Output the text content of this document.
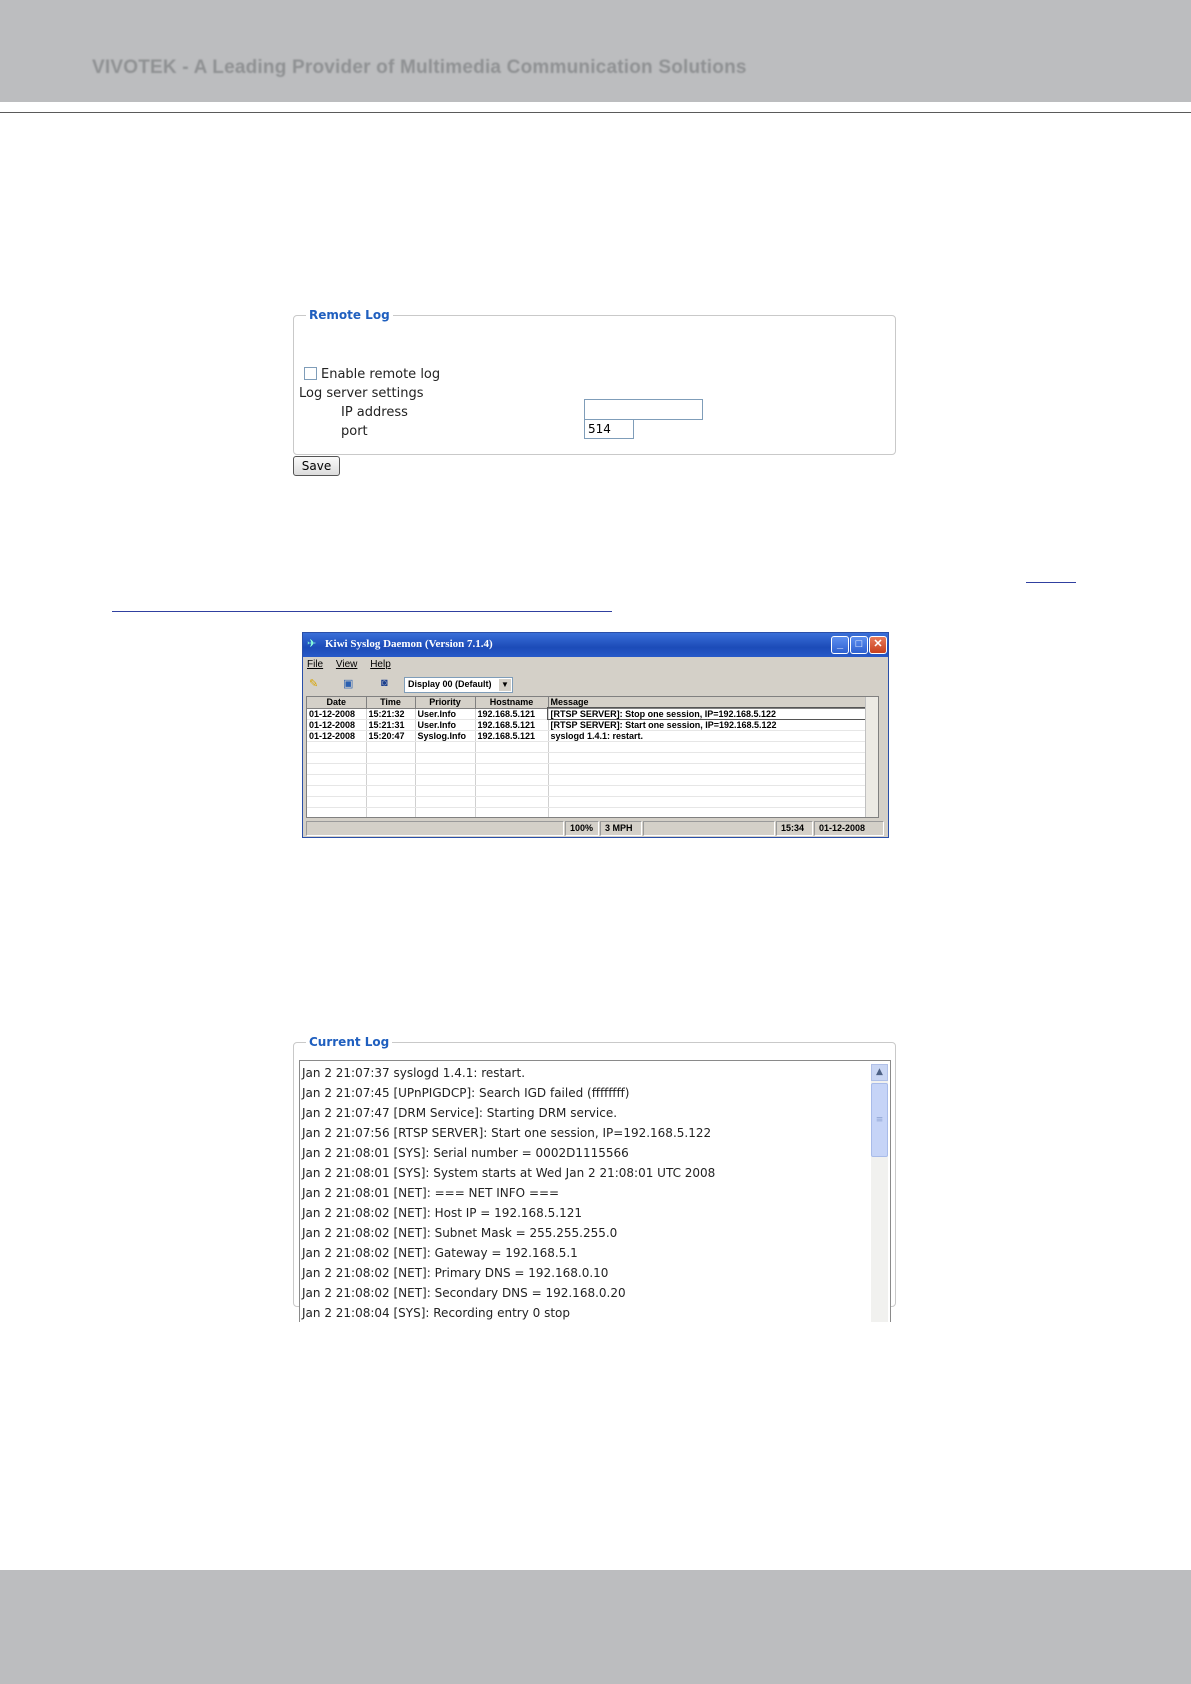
VIVOTEK - A Leading Provider of Multimedia Communication Solutions
Remote Log
Enable remote log
Log server settings
IP address
port	514
Save
✈ Kiwi Syslog Daemon (Version 7.1.4)	_	□	✕
File View Help
✎ ▣	◙	Display 00 (Default) ▼
Date	Time	Priority	Hostname	Message
01-12-2008	15:21:32	User.Info	192.168.5.121	[RTSP SERVER]: Stop one session, IP=192.168.5.122
01-12-2008	15:21:31	User.Info	192.168.5.121	[RTSP SERVER]: Start one session, IP=192.168.5.122
01-12-2008	15:20:47	Syslog.Info	192.168.5.121	syslogd 1.4.1: restart.

100%	3 MPH	15:34	01-12-2008
Current Log
Jan 2 21:07:37 syslogd 1.4.1: restart.
Jan 2 21:07:45 [UPnPIGDCP]: Search IGD failed (ffffffff)
Jan 2 21:07:47 [DRM Service]: Starting DRM service.
Jan 2 21:07:56 [RTSP SERVER]: Start one session, IP=192.168.5.122
Jan 2 21:08:01 [SYS]: Serial number = 0002D1115566
Jan 2 21:08:01 [SYS]: System starts at Wed Jan 2 21:08:01 UTC 2008
Jan 2 21:08:01 [NET]: === NET INFO ===
Jan 2 21:08:02 [NET]: Host IP = 192.168.5.121
Jan 2 21:08:02 [NET]: Subnet Mask = 255.255.255.0
Jan 2 21:08:02 [NET]: Gateway = 192.168.5.1
Jan 2 21:08:02 [NET]: Primary DNS = 192.168.0.10
Jan 2 21:08:02 [NET]: Secondary DNS = 192.168.0.20
Jan 2 21:08:04 [SYS]: Recording entry 0 stop
▲
≡
